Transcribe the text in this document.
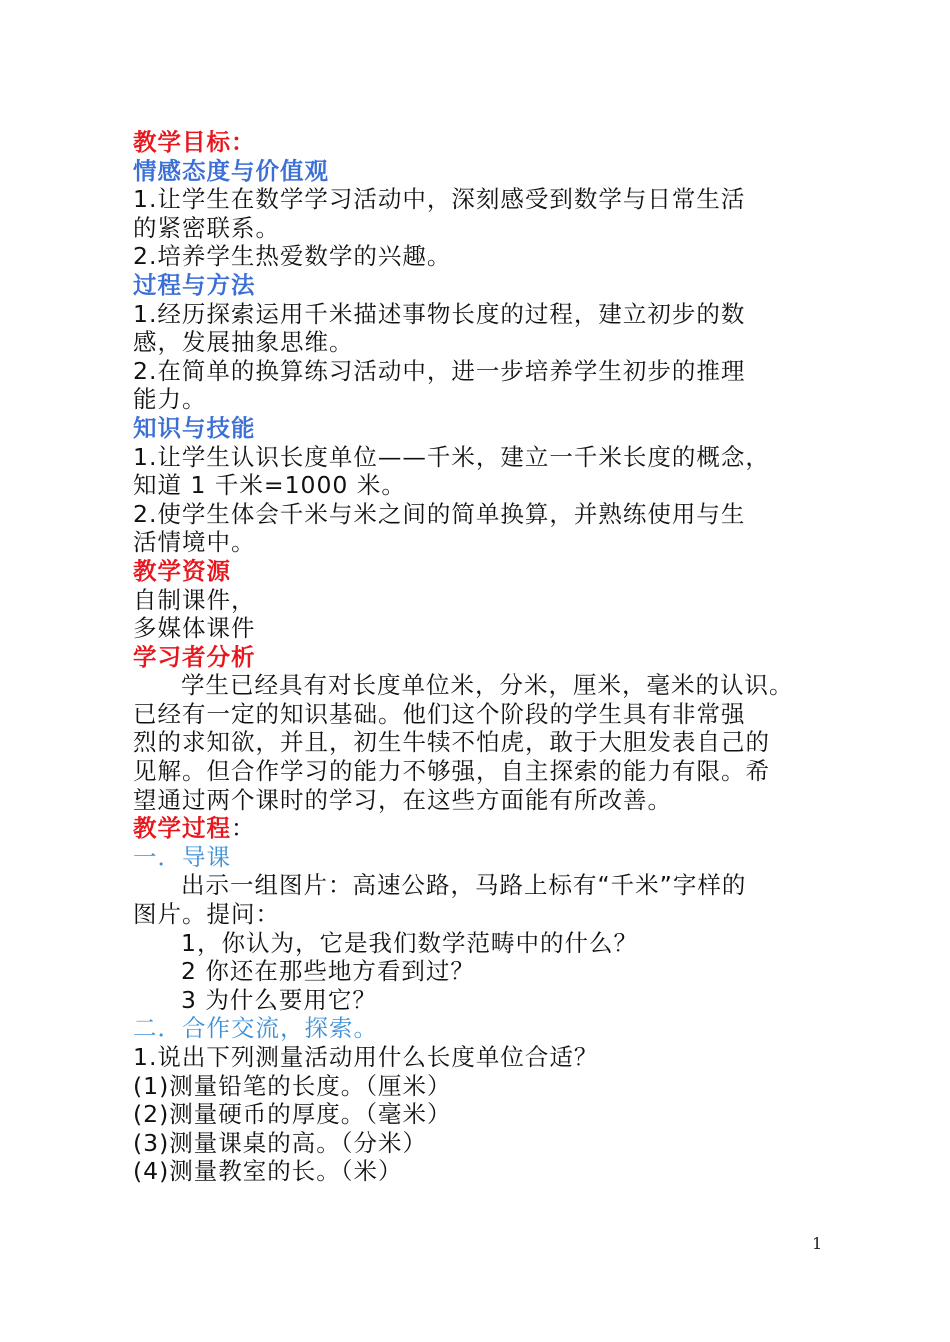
教学目标：
情感态度与价值观
1.让学生在数学学习活动中，深刻感受到数学与日常生活
的紧密联系。
2.培养学生热爱数学的兴趣。
过程与方法
1.经历探索运用千米描述事物长度的过程，建立初步的数
感，发展抽象思维。
2.在简单的换算练习活动中，进一步培养学生初步的推理
能力。
知识与技能
1.让学生认识长度单位——千米，建立一千米长度的概念，
知道 1 千米=1000 米。
2.使学生体会千米与米之间的简单换算，并熟练使用与生
活情境中。
教学资源
自制课件，
多媒体课件
学习者分析
学生已经具有对长度单位米，分米，厘米，毫米的认识。
已经有一定的知识基础。他们这个阶段的学生具有非常强
烈的求知欲，并且，初生牛犊不怕虎，敢于大胆发表自己的
见解。但合作学习的能力不够强，自主探索的能力有限。希
望通过两个课时的学习，在这些方面能有所改善。
教学过程：
一．导课
出示一组图片：高速公路，马路上标有“千米”字样的
图片。提问：
1，你认为，它是我们数学范畴中的什么？
2 你还在那些地方看到过？
3 为什么要用它？
二．合作交流，探索。
1.说出下列测量活动用什么长度单位合适？
(1)测量铅笔的长度。（厘米）
(2)测量硬币的厚度。（毫米）
(3)测量课桌的高。（分米）
(4)测量教室的长。（米）
1
